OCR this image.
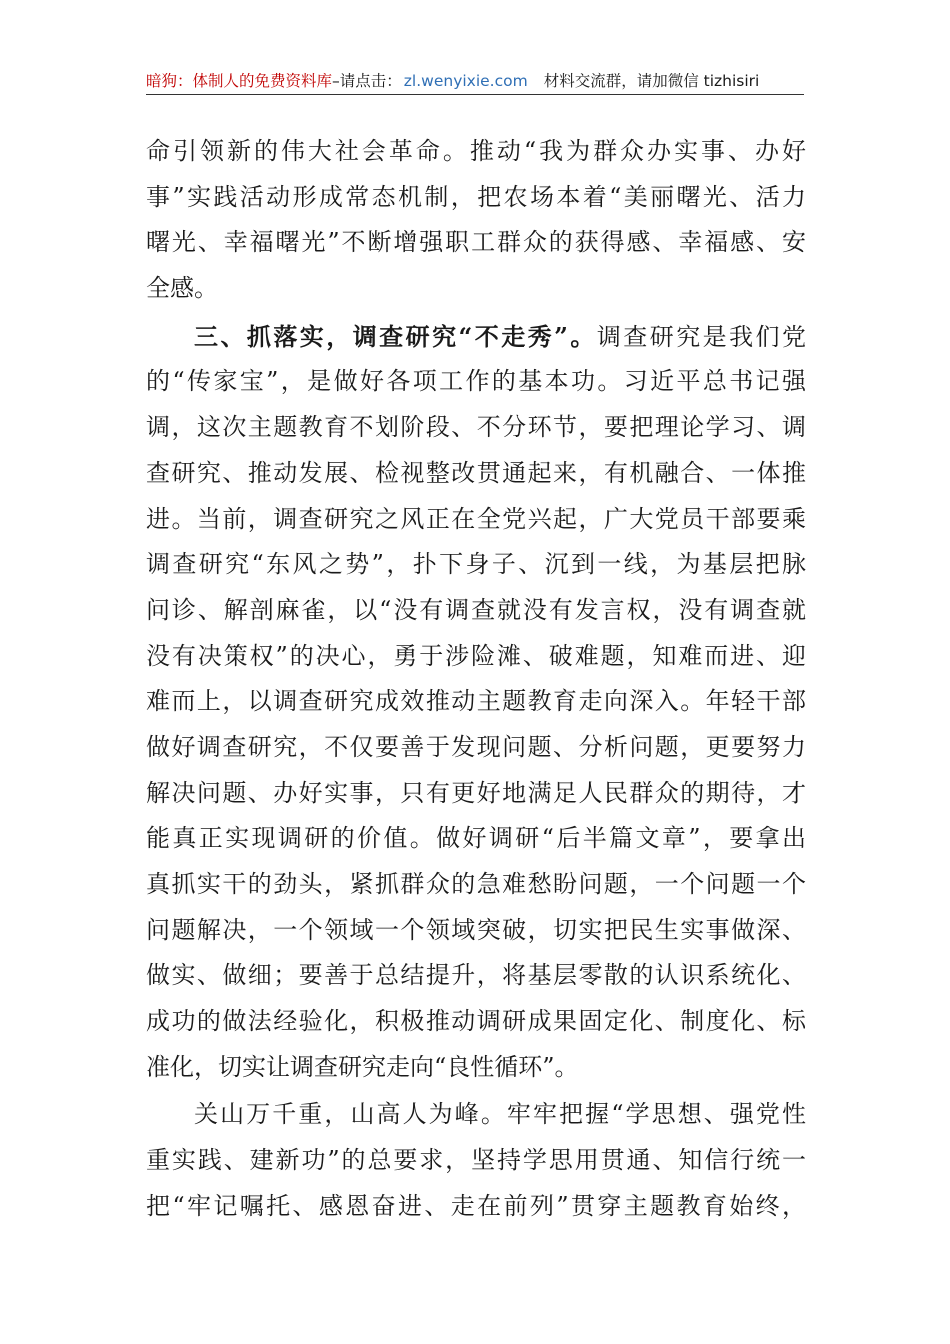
暗狗：体制人的免费资料库–请点击： zl.wenyixie.com 材料交流群，请加微信 tizhisiri
命引领新的伟大社会革命。推动“我为群众办实事、办好
事”实践活动形成常态机制，把农场本着“美丽曙光、活力
曙光、幸福曙光”不断增强职工群众的获得感、幸福感、安
全感。
三、抓落实，调查研究“不走秀”。调查研究是我们党
的“传家宝”，是做好各项工作的基本功。习近平总书记强
调，这次主题教育不划阶段、不分环节，要把理论学习、调
查研究、推动发展、检视整改贯通起来，有机融合、一体推
进。当前，调查研究之风正在全党兴起，广大党员干部要乘
调查研究“东风之势”，扑下身子、沉到一线，为基层把脉
问诊、解剖麻雀，以“没有调查就没有发言权，没有调查就
没有决策权”的决心，勇于涉险滩、破难题，知难而进、迎
难而上，以调查研究成效推动主题教育走向深入。年轻干部
做好调查研究，不仅要善于发现问题、分析问题，更要努力
解决问题、办好实事，只有更好地满足人民群众的期待，才
能真正实现调研的价值。做好调研“后半篇文章”，要拿出
真抓实干的劲头，紧抓群众的急难愁盼问题，一个问题一个
问题解决，一个领域一个领域突破，切实把民生实事做深、
做实、做细；要善于总结提升，将基层零散的认识系统化、
成功的做法经验化，积极推动调研成果固定化、制度化、标
准化，切实让调查研究走向“良性循环”。
关山万千重，山高人为峰。牢牢把握“学思想、强党性
重实践、建新功”的总要求，坚持学思用贯通、知信行统一
把“牢记嘱托、感恩奋进、走在前列”贯穿主题教育始终，
